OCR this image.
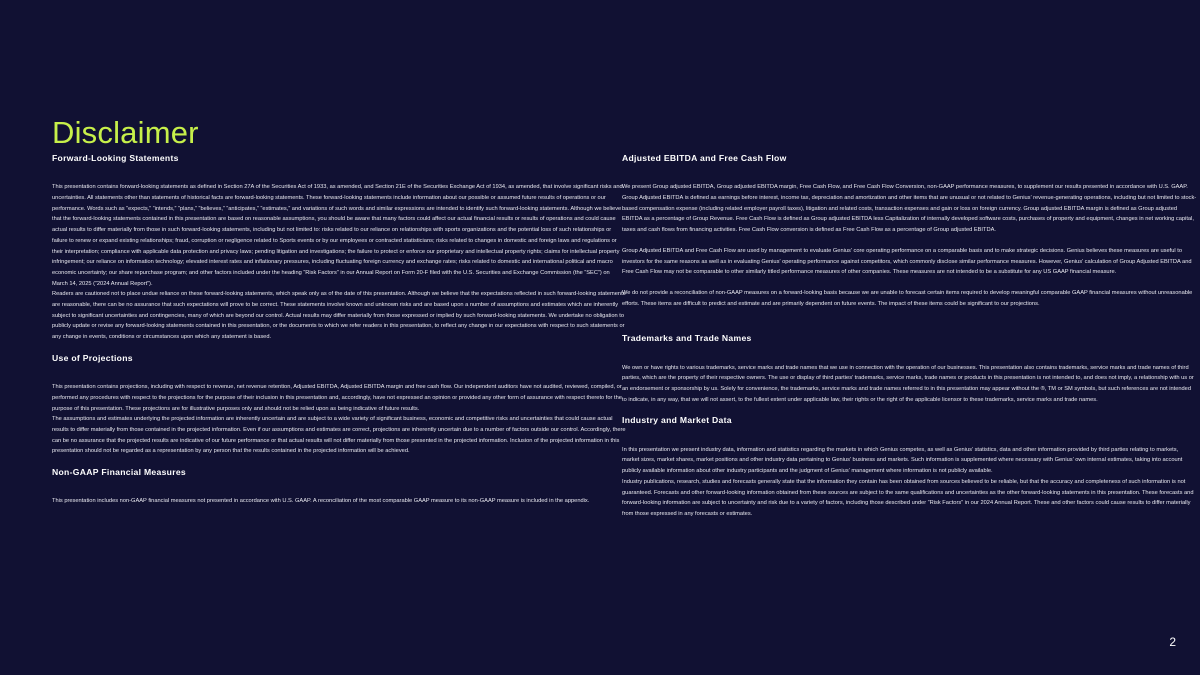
Disclaimer
Forward-Looking Statements

This presentation contains forward-looking statements as defined in Section 27A of the Securities Act of 1933, as amended, and Section 21E of the Securities Exchange Act of 1934, as amended, that involve significant risks and uncertainties. All statements other than statements of historical facts are forward-looking statements. These forward-looking statements include information about our possible or assumed future results of operations or our performance. Words such as “expects,” “intends,” “plans,” “believes,” “anticipates,” “estimates,” and variations of such words and similar expressions are intended to identify such forward-looking statements. Although we believe that the forward-looking statements contained in this presentation are based on reasonable assumptions, you should be aware that many factors could affect our actual financial results or results of operations and could cause actual results to differ materially from those in such forward-looking statements, including but not limited to: risks related to our reliance on relationships with sports organizations and the potential loss of such relationships or failure to renew or expand existing relationships; fraud, corruption or negligence related to Sports events or by our employees or contracted statisticians; risks related to changes in domestic and foreign laws and regulations or their interpretation; compliance with applicable data protection and privacy laws; pending litigation and investigations; the failure to protect or enforce our proprietary and intellectual property rights; claims for intellectual property infringement; our reliance on information technology; elevated interest rates and inflationary pressures, including fluctuating foreign currency and exchange rates; risks related to domestic and international political and macro economic uncertainty; our share repurchase program; and other factors included under the heading “Risk Factors” in our Annual Report on Form 20-F filed with the U.S. Securities and Exchange Commission (the “SEC”) on March 14, 2025 (“2024 Annual Report”).

Readers are cautioned not to place undue reliance on these forward-looking statements, which speak only as of the date of this presentation. Although we believe that the expectations reflected in such forward-looking statements are reasonable, there can be no assurance that such expectations will prove to be correct. These statements involve known and unknown risks and are based upon a number of assumptions and estimates which are inherently subject to significant uncertainties and contingencies, many of which are beyond our control. Actual results may differ materially from those expressed or implied by such forward-looking statements. We undertake no obligation to publicly update or revise any forward-looking statements contained in this presentation, or the documents to which we refer readers in this presentation, to reflect any change in our expectations with respect to such statements or any change in events, conditions or circumstances upon which any statement is based.

Use of Projections

This presentation contains projections, including with respect to revenue, net revenue retention, Adjusted EBITDA, Adjusted EBITDA margin and free cash flow. Our independent auditors have not audited, reviewed, compiled, or performed any procedures with respect to the projections for the purpose of their inclusion in this presentation and, accordingly, have not expressed an opinion or provided any other form of assurance with respect thereto for the purpose of this presentation. These projections are for illustrative purposes only and should not be relied upon as being indicative of future results.

The assumptions and estimates underlying the projected information are inherently uncertain and are subject to a wide variety of significant business, economic and competitive risks and uncertainties that could cause actual results to differ materially from those contained in the projected information. Even if our assumptions and estimates are correct, projections are inherently uncertain due to a number of factors outside our control. Accordingly, there can be no assurance that the projected results are indicative of our future performance or that actual results will not differ materially from those presented in the projected information. Inclusion of the projected information in this presentation should not be regarded as a representation by any person that the results contained in the projected information will be achieved.

Non-GAAP Financial Measures

This presentation includes non-GAAP financial measures not presented in accordance with U.S. GAAP. A reconciliation of the most comparable GAAP measure to its non-GAAP measure is included in the appendix.

Adjusted EBITDA and Free Cash Flow

We present Group adjusted EBITDA, Group adjusted EBITDA margin, Free Cash Flow, and Free Cash Flow Conversion, non-GAAP performance measures, to supplement our results presented in accordance with U.S. GAAP. Group Adjusted EBITDA is defined as earnings before interest, income tax, depreciation and amortization and other items that are unusual or not related to Genius’ revenue-generating operations, including but not limited to stock-based compensation expense (including related employer payroll taxes), litigation and related costs, transaction expenses and gain or loss on foreign currency. Group adjusted EBITDA margin is defined as Group adjusted EBITDA as a percentage of Group Revenue. Free Cash Flow is defined as Group adjusted EBITDA less Capitalization of internally developed software costs, purchases of property and equipment, changes in net working capital, taxes and cash flows from financing activities. Free Cash Flow conversion is defined as Free Cash Flow as a percentage of Group adjusted EBITDA.

Group Adjusted EBITDA and Free Cash Flow are used by management to evaluate Genius’ core operating performance on a comparable basis and to make strategic decisions. Genius believes these measures are useful to investors for the same reasons as well as in evaluating Genius’ operating performance against competitors, which commonly disclose similar performance measures. However, Genius’ calculation of Group Adjusted EBITDA and Free Cash Flow may not be comparable to other similarly titled performance measures of other companies. These measures are not intended to be a substitute for any US GAAP financial measure.

We do not provide a reconciliation of non-GAAP measures on a forward-looking basis because we are unable to forecast certain items required to develop meaningful comparable GAAP financial measures without unreasonable efforts. These items are difficult to predict and estimate and are primarily dependent on future events. The impact of these items could be significant to our projections.

Trademarks and Trade Names

We own or have rights to various trademarks, service marks and trade names that we use in connection with the operation of our businesses. This presentation also contains trademarks, service marks and trade names of third parties, which are the property of their respective owners. The use or display of third parties’ trademarks, service marks, trade names or products in this presentation is not intended to, and does not imply, a relationship with us or an endorsement or sponsorship by us. Solely for convenience, the trademarks, service marks and trade names referred to in this presentation may appear without the ®, TM or SM symbols, but such references are not intended to indicate, in any way, that we will not assert, to the fullest extent under applicable law, their rights or the right of the applicable licensor to these trademarks, service marks and trade names.

Industry and Market Data

In this presentation we present industry data, information and statistics regarding the markets in which Genius competes, as well as Genius’ statistics, data and other information provided by third parties relating to markets, market sizes, market shares, market positions and other industry data pertaining to Genius’ business and markets. Such information is supplemented where necessary with Genius’ own internal estimates, taking into account publicly available information about other industry participants and the judgment of Genius’ management where information is not publicly available.

Industry publications, research, studies and forecasts generally state that the information they contain has been obtained from sources believed to be reliable, but that the accuracy and completeness of such information is not guaranteed. Forecasts and other forward-looking information obtained from these sources are subject to the same qualifications and uncertainties as the other forward-looking statements in this presentation. These forecasts and forward-looking information are subject to uncertainty and risk due to a variety of factors, including those described under “Risk Factors” in our 2024 Annual Report. These and other factors could cause results to differ materially from those expressed in any forecasts or estimates.

2
